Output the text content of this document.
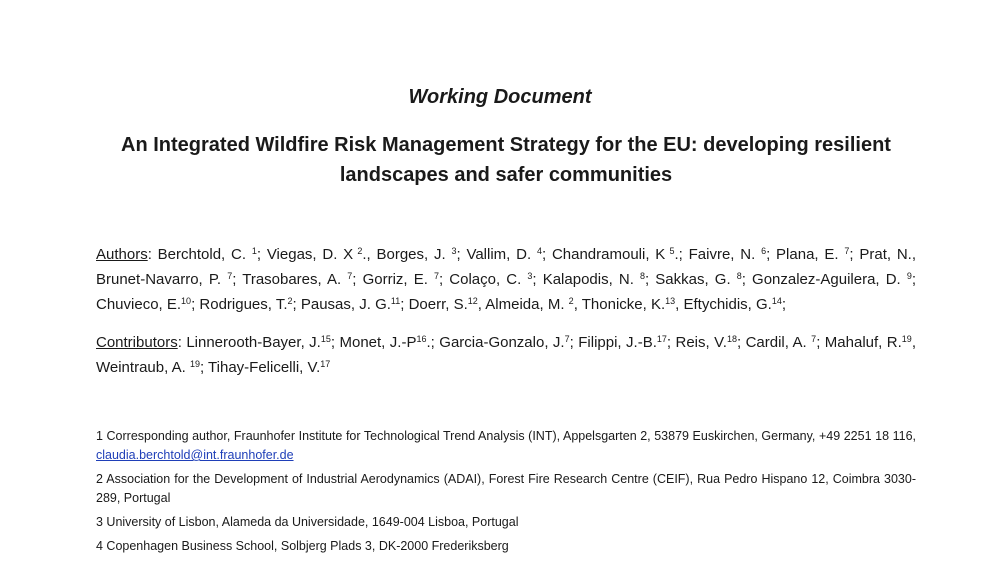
Working Document
An Integrated Wildfire Risk Management Strategy for the EU: developing resilient landscapes and safer communities
Authors: Berchtold, C. $^1$; Viegas, D. X $^2$., Borges, J. $^3$; Vallim, D. $^4$; Chandramouli, K $^5$.; Faivre, N. $^6$; Plana, E. $^7$; Prat, N., Brunet-Navarro, P. $^7$; Trasobares, A. $^7$; Gorriz, E. $^7$; Colaço, C. $^3$; Kalapodis, N. $^8$; Sakkas, G. $^8$; Gonzalez-Aguilera, D. $^9$; Chuvieco, E.$^{10}$; Rodrigues, T.$^2$; Pausas, J. G.$^{11}$; Doerr, S.$^{12}$, Almeida, M. $^2$, Thonicke, K.$^{13}$, Eftychidis, G.$^{14}$;
Contributors: Linnerooth-Bayer, J.$^{15}$; Monet, $J.-P^{16}$.; Garcia-Gonzalo, J.$^7$; Filippi, J.-B.$^{17}$; Reis, V.$^{18}$; Cardil, A. $^7$; Mahaluf, R.$^{19}$, Weintraub, A. $^{19}$; Tihay-Felicelli, V.$^{17}$
1 Corresponding author, Fraunhofer Institute for Technological Trend Analysis (INT), Appelsgarten 2, 53879 Euskirchen, Germany, +49 2251 18 116, claudia.berchtold@int.fraunhofer.de
2 Association for the Development of Industrial Aerodynamics (ADAI), Forest Fire Research Centre (CEIF), Rua Pedro Hispano 12, Coimbra 3030-289, Portugal
3 University of Lisbon, Alameda da Universidade, 1649-004 Lisboa, Portugal
4 Copenhagen Business School, Solbjerg Plads 3, DK-2000 Frederiksberg
